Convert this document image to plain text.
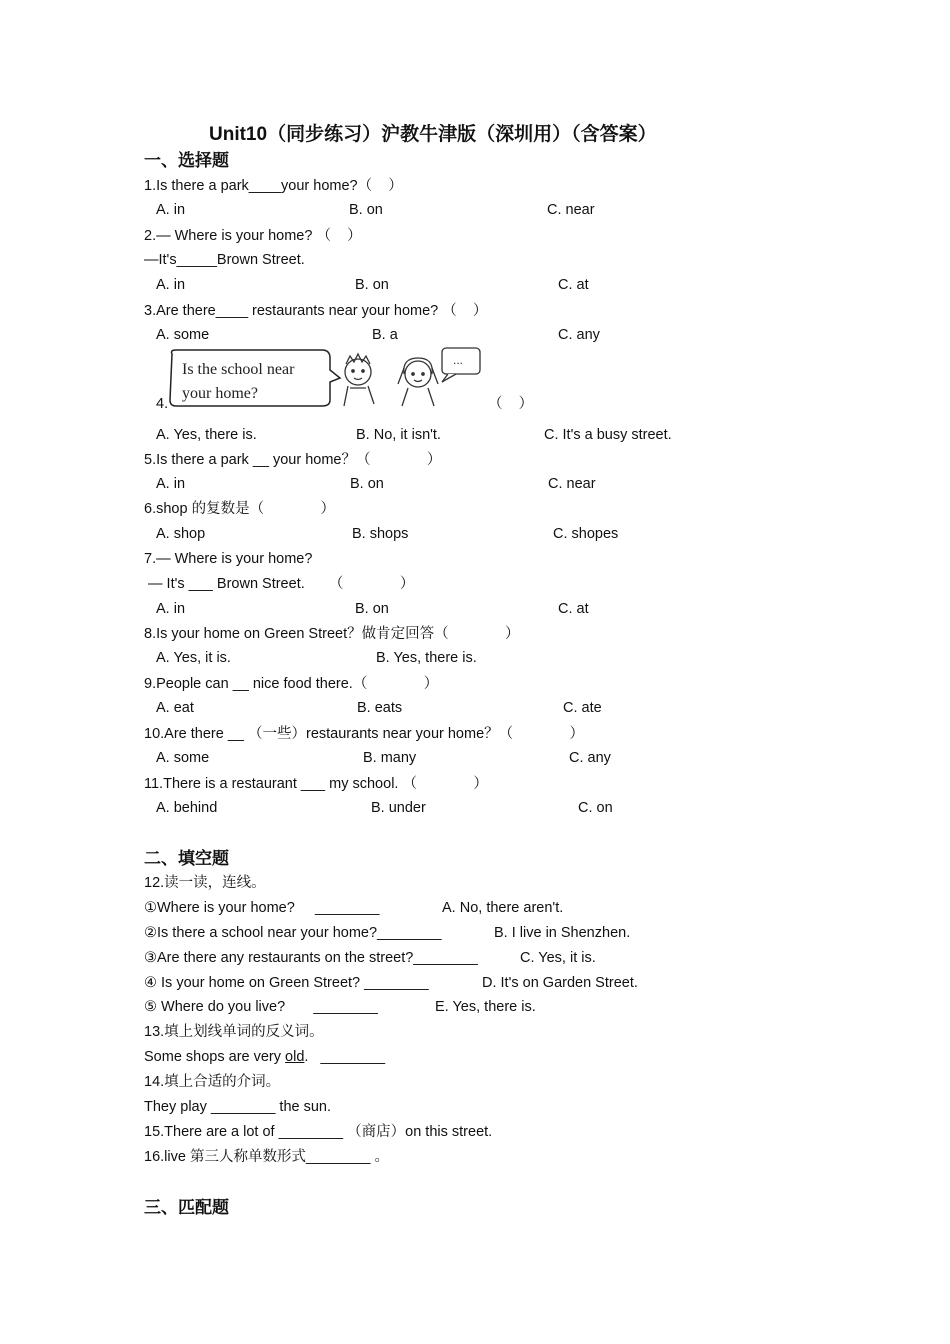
Unit10（同步练习）沪教牛津版（深圳用）（含答案）
一、选择题
1.Is there a park____your home?（    ）
A. in	B. on	C. near
2.— Where is your home? （    ）
—It's_____Brown Street.
A. in	B. on	C. at
3.Are there____ restaurants near your home? （    ）
A. some	B. a	C. any
4.
Is the school near
your home?
...
（    ）
A. Yes, there is.	B. No, it isn't.	C. It's a busy street.
5.Is there a park __ your home？（              ）
A. in	B. on	C. near
6.shop 的复数是（              ）
A. shop	B. shops	C. shopes
7.— Where is your home?
— It's ___ Brown Street.      （              ）
A. in	B. on	C. at
8.Is your home on Green Street？做肯定回答（              ）
A. Yes, it is.	B. Yes, there is.
9.People can __ nice food there.（              ）
A. eat	B. eats	C. ate
10.Are there __ （一些）restaurants near your home？（              ）
A. some	B. many	C. any
11.There is a restaurant ___ my school. （              ）
A. behind	B. under	C. on
二、填空题
12.读一读，连线。
①Where is your home?     ________	A. No, there aren't.
②Is there a school near your home?________	B. I live in Shenzhen.
③Are there any restaurants on the street?________	C. Yes, it is.
④ Is your home on Green Street? ________	D. It's on Garden Street.
⑤ Where do you live?       ________	E. Yes, there is.
13.填上划线单词的反义词。
Some shops are very old.   ________
14.填上合适的介词。
They play ________ the sun.
15.There are a lot of ________ （商店）on this street.
16.live 第三人称单数形式________ 。
三、匹配题
